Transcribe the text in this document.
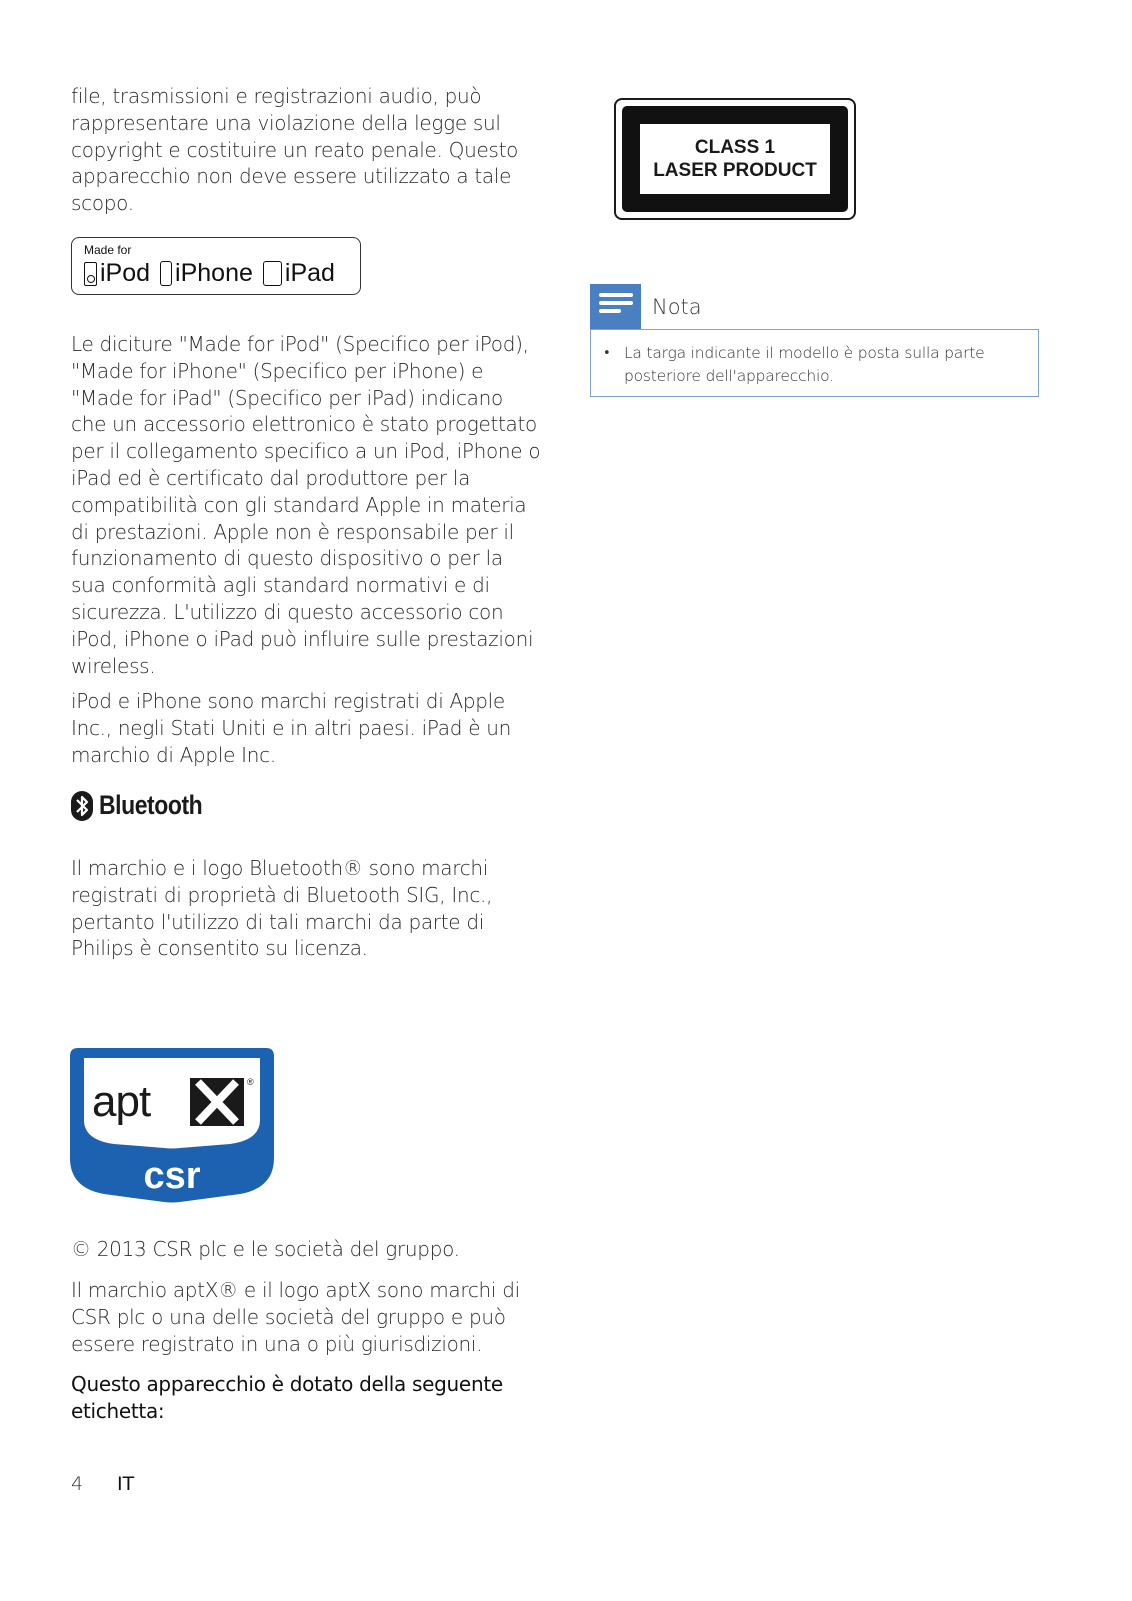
file, trasmissioni e registrazioni audio, può rappresentare una violazione della legge sul copyright e costituire un reato penale. Questo apparecchio non deve essere utilizzato a tale scopo.

Made for
iPod iPhone iPad

Le diciture "Made for iPod" (Specifico per iPod), "Made for iPhone" (Specifico per iPhone) e "Made for iPad" (Specifico per iPad) indicano che un accessorio elettronico è stato progettato per il collegamento specifico a un iPod, iPhone o iPad ed è certificato dal produttore per la compatibilità con gli standard Apple in materia di prestazioni. Apple non è responsabile per il funzionamento di questo dispositivo o per la sua conformità agli standard normativi e di sicurezza. L'utilizzo di questo accessorio con iPod, iPhone o iPad può influire sulle prestazioni wireless.

iPod e iPhone sono marchi registrati di Apple Inc., negli Stati Uniti e in altri paesi. iPad è un marchio di Apple Inc.

Bluetooth

Il marchio e i logo Bluetooth® sono marchi registrati di proprietà di Bluetooth SIG, Inc., pertanto l'utilizzo di tali marchi da parte di Philips è consentito su licenza.

apt	®
csr

© 2013 CSR plc e le società del gruppo.

Il marchio aptX® e il logo aptX sono marchi di CSR plc o una delle società del gruppo e può essere registrato in una o più giurisdizioni.

Questo apparecchio è dotato della seguente etichetta:

CLASS 1
LASER PRODUCT
Nota
• La targa indicante il modello è posta sulla parte posteriore dell'apparecchio.
4 IT
